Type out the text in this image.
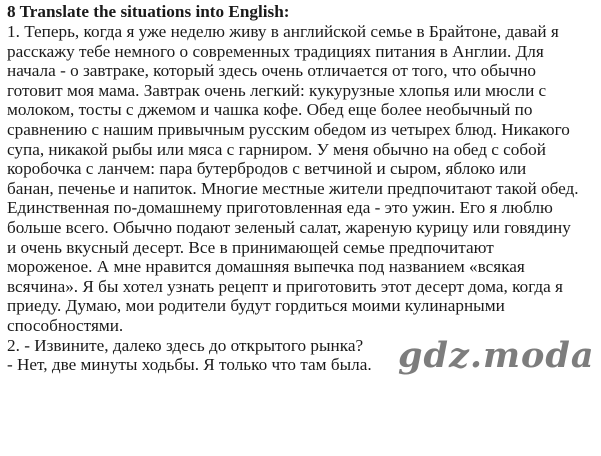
8 Translate the situations into English:
1. Теперь, когда я уже неделю живу в английской семье в Брайтоне, давай я
расскажу тебе немного о современных традициях питания в Англии. Для
начала - о завтраке, который здесь очень отличается от того, что обычно
готовит моя мама. Завтрак очень легкий: кукурузные хлопья или мюсли с
молоком, тосты с джемом и чашка кофе. Обед еще более необычный по
сравнению с нашим привычным русским обедом из четырех блюд. Никакого
супа, никакой рыбы или мяса с гарниром. У меня обычно на обед с собой
коробочка с ланчем: пара бутербродов с ветчиной и сыром, яблоко или
банан, печенье и напиток. Многие местные жители предпочитают такой обед.
Единственная по-домашнему приготовленная еда - это ужин. Его я люблю
больше всего. Обычно подают зеленый салат, жареную курицу или говядину
и очень вкусный десерт. Все в принимающей семье предпочитают
мороженое. А мне нравится домашняя выпечка под названием «всякая
всячина». Я бы хотел узнать рецепт и приготовить этот десерт дома, когда я
приеду. Думаю, мои родители будут гордиться моими кулинарными
способностями.
2. - Извините, далеко здесь до открытого рынка?
- Нет, две минуты ходьбы. Я только что там была. gdz.moda
